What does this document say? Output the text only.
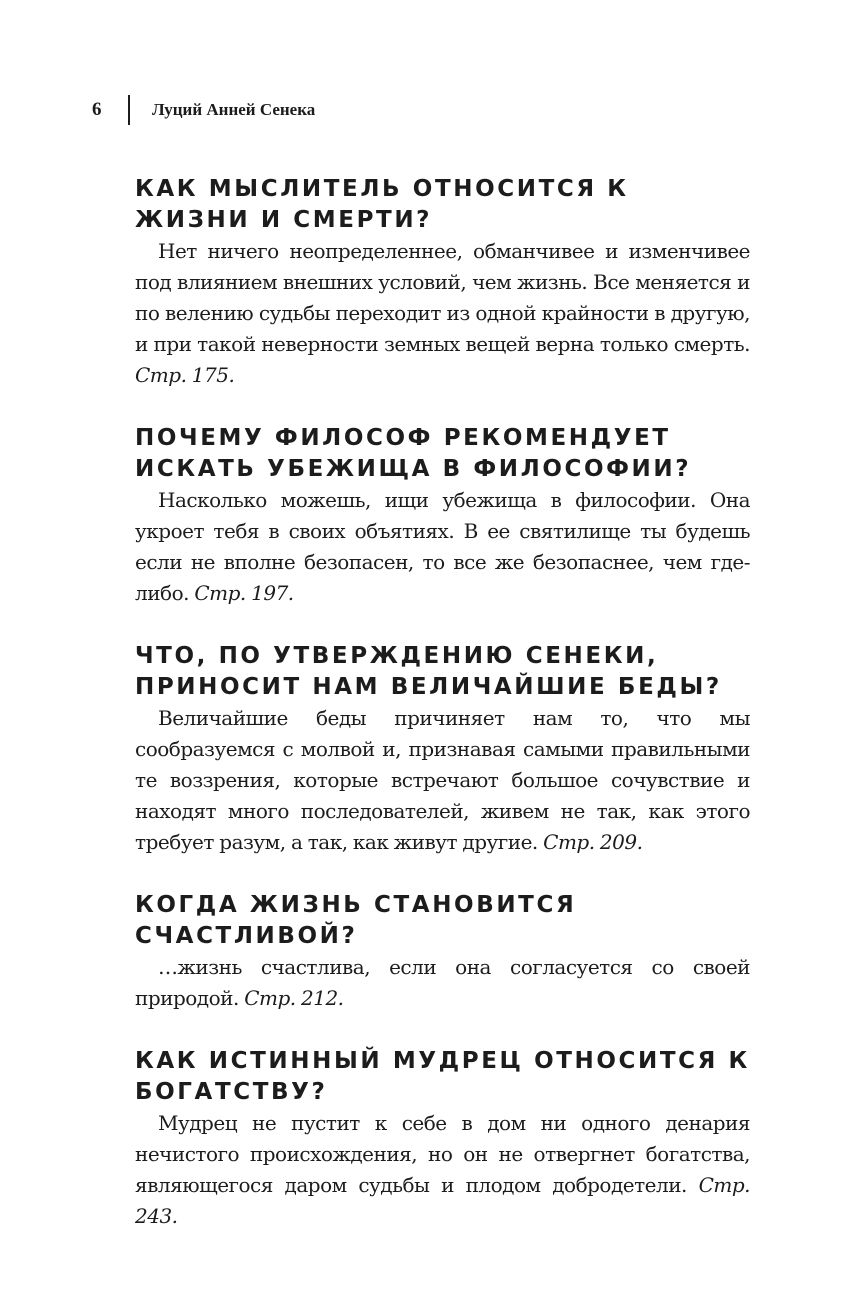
6	Луций Анней Сенека
КАК МЫСЛИТЕЛЬ ОТНОСИТСЯ К ЖИЗНИ И СМЕРТИ?

Нет ничего неопределеннее, обманчивее и изменчивее под влиянием внешних условий, чем жизнь. Все меняется и по велению судьбы переходит из одной крайности в другую, и при такой неверности земных вещей верна только смерть. Стр. 175.

ПОЧЕМУ ФИЛОСОФ РЕКОМЕНДУЕТ ИСКАТЬ УБЕЖИЩА В ФИЛОСОФИИ?

Насколько можешь, ищи убежища в философии. Она укроет тебя в своих объятиях. В ее святилище ты будешь если не вполне безопасен, то все же безопаснее, чем где-либо. Стр. 197.

ЧТО, ПО УТВЕРЖДЕНИЮ СЕНЕКИ, ПРИНОСИТ НАМ ВЕЛИЧАЙШИЕ БЕДЫ?

Величайшие беды причиняет нам то, что мы сообразуемся с молвой и, признавая самыми правильными те воззрения, которые встречают большое сочувствие и находят много последователей, живем не так, как этого требует разум, а так, как живут другие. Стр. 209.

КОГДА ЖИЗНЬ СТАНОВИТСЯ СЧАСТЛИВОЙ?

…жизнь счастлива, если она согласуется со своей природой. Стр. 212.

КАК ИСТИННЫЙ МУДРЕЦ ОТНОСИТСЯ К БОГАТСТВУ?

Мудрец не пустит к себе в дом ни одного денария нечистого происхождения, но он не отвергнет богатства, являющегося даром судьбы и плодом добродетели. Стр. 243.
